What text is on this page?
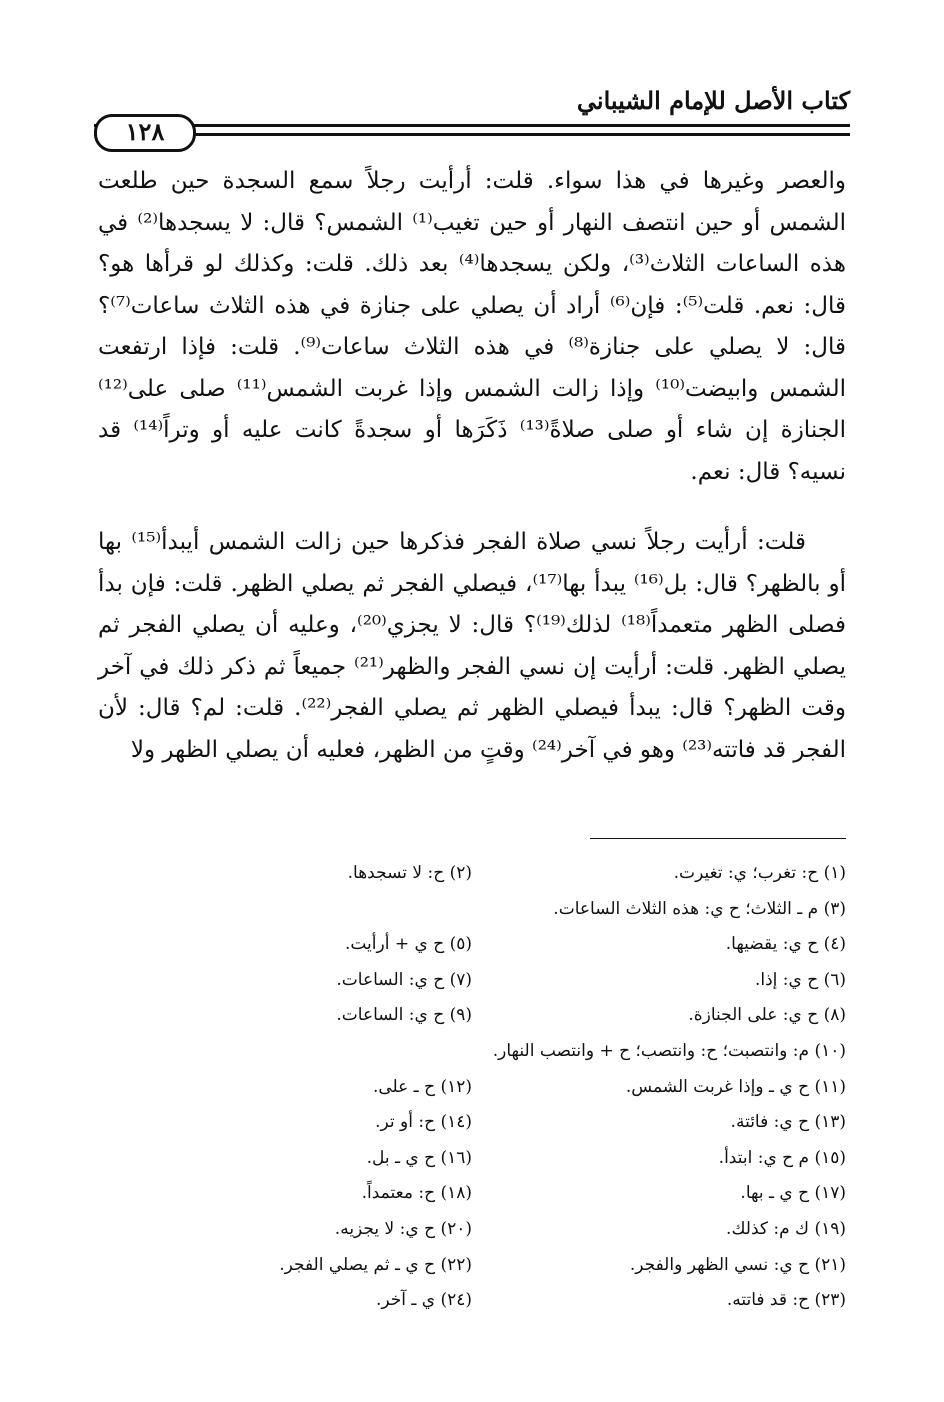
كتاب الأصل للإمام الشيباني
١٢٨
والعصر وغيرها في هذا سواء. قلت: أرأيت رجلاً سمع السجدة حين طلعت الشمس أو حين انتصف النهار أو حين تغيب⁽¹⁾ الشمس؟ قال: لا يسجدها⁽²⁾ في هذه الساعات الثلاث⁽³⁾، ولكن يسجدها⁽⁴⁾ بعد ذلك. قلت: وكذلك لو قرأها هو؟ قال: نعم. قلت⁽⁵⁾: فإن⁽⁶⁾ أراد أن يصلي على جنازة في هذه الثلاث ساعات⁽⁷⁾؟ قال: لا يصلي على جنازة⁽⁸⁾ في هذه الثلاث ساعات⁽⁹⁾. قلت: فإذا ارتفعت الشمس وابيضت⁽¹⁰⁾ وإذا زالت الشمس وإذا غربت الشمس⁽¹¹⁾ صلى على⁽¹²⁾ الجنازة إن شاء أو صلى صلاةً⁽¹³⁾ ذَكَرَها أو سجدةً كانت عليه أو وتراً⁽¹⁴⁾ قد نسيه؟ قال: نعم.
قلت: أرأيت رجلاً نسي صلاة الفجر فذكرها حين زالت الشمس أيبدأ⁽¹⁵⁾ بها أو بالظهر؟ قال: بل⁽¹⁶⁾ يبدأ بها⁽¹⁷⁾، فيصلي الفجر ثم يصلي الظهر. قلت: فإن بدأ فصلى الظهر متعمداً⁽¹⁸⁾ لذلك⁽¹⁹⁾؟ قال: لا يجزي⁽²⁰⁾، وعليه أن يصلي الفجر ثم يصلي الظهر. قلت: أرأيت إن نسي الفجر والظهر⁽²¹⁾ جميعاً ثم ذكر ذلك في آخر وقت الظهر؟ قال: يبدأ فيصلي الظهر ثم يصلي الفجر⁽²²⁾. قلت: لم؟ قال: لأن الفجر قد فاتته⁽²³⁾ وهو في آخر⁽²⁴⁾ وقتٍ من الظهر، فعليه أن يصلي الظهر ولا
(١) ح: تغرب؛ ي: تغيرت.
(٢) ح: لا تسجدها.
(٣) م ـ الثلاث؛ ح ي: هذه الثلاث الساعات.
(٤) ح ي: يقضيها.
(٥) ح ي + أرأيت.
(٦) ح ي: إذا.
(٧) ح ي: الساعات.
(٨) ح ي: على الجنازة.
(٩) ح ي: الساعات.
(١٠) م: وانتصبت؛ ح: وانتصب؛ ح + وانتصب النهار.
(١١) ح ي ـ وإذا غربت الشمس.
(١٢) ح ـ على.
(١٣) ح ي: فائتة.
(١٤) ح: أو تر.
(١٥) م ح ي: ابتدأ.
(١٦) ح ي ـ بل.
(١٧) ح ي ـ بها.
(١٨) ح: معتمداً.
(١٩) ك م: كذلك.
(٢٠) ح ي: لا يجزيه.
(٢١) ح ي: نسي الظهر والفجر.
(٢٢) ح ي ـ ثم يصلي الفجر.
(٢٣) ح: قد فاتته.
(٢٤) ي ـ آخر.
